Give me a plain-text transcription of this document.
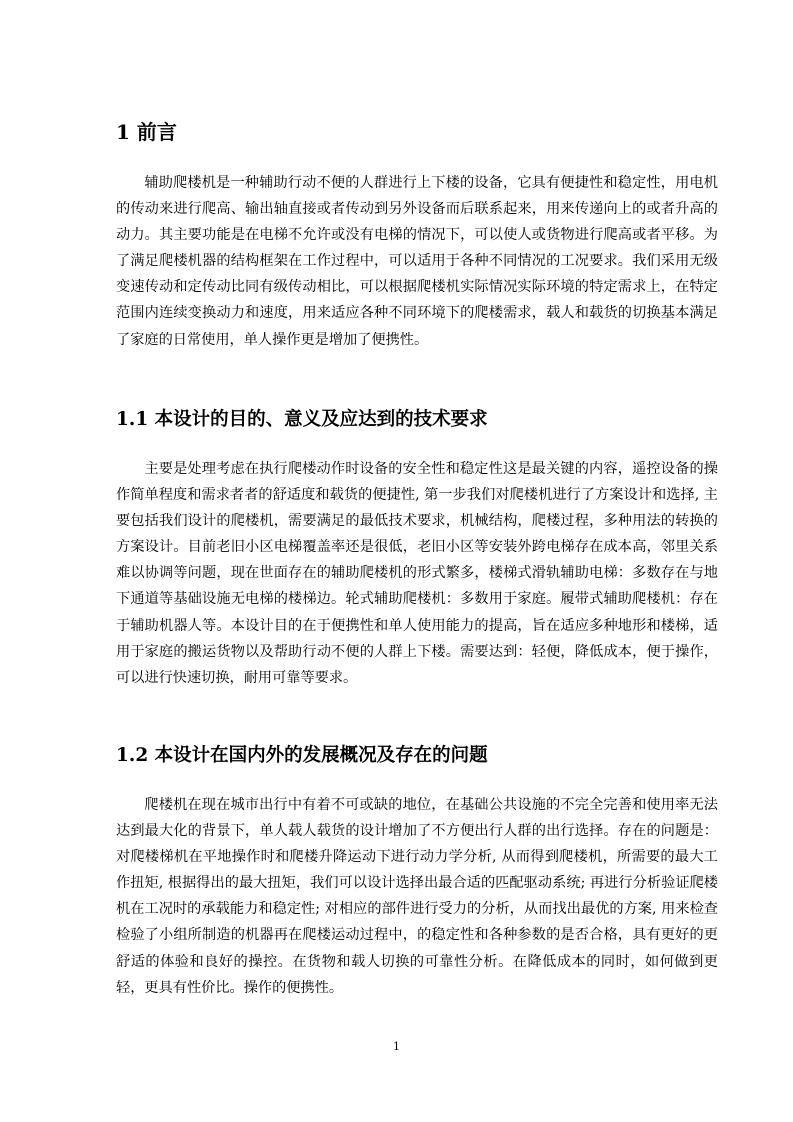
1 前言

辅助爬楼机是一种辅助行动不便的人群进行上下楼的设备，它具有便捷性和稳定性，用电机的传动来进行爬高、输出轴直接或者传动到另外设备而后联系起来，用来传递向上的或者升高的动力。其主要功能是在电梯不允许或没有电梯的情况下，可以使人或货物进行爬高或者平移。为了满足爬楼机器的结构框架在工作过程中，可以适用于各种不同情况的工况要求。我们采用无级变速传动和定传动比同有级传动相比，可以根据爬楼机实际情况实际环境的特定需求上，在特定范围内连续变换动力和速度，用来适应各种不同环境下的爬楼需求，载人和载货的切换基本满足了家庭的日常使用，单人操作更是增加了便携性。

1.1 本设计的目的、意义及应达到的技术要求

主要是处理考虑在执行爬楼动作时设备的安全性和稳定性这是最关键的内容，遥控设备的操作简单程度和需求者者的舒适度和载货的便捷性, 第一步我们对爬楼机进行了方案设计和选择, 主要包括我们设计的爬楼机，需要满足的最低技术要求，机械结构，爬楼过程，多种用法的转换的方案设计。目前老旧小区电梯覆盖率还是很低，老旧小区等安装外跨电梯存在成本高，邻里关系难以协调等问题，现在世面存在的辅助爬楼机的形式繁多，楼梯式滑轨辅助电梯：多数存在与地下通道等基础设施无电梯的楼梯边。轮式辅助爬楼机：多数用于家庭。履带式辅助爬楼机：存在于辅助机器人等。本设计目的在于便携性和单人使用能力的提高，旨在适应多种地形和楼梯，适用于家庭的搬运货物以及帮助行动不便的人群上下楼。需要达到：轻便，降低成本，便于操作，可以进行快速切换，耐用可靠等要求。

1.2 本设计在国内外的发展概况及存在的问题

爬楼机在现在城市出行中有着不可或缺的地位，在基础公共设施的不完全完善和使用率无法达到最大化的背景下，单人载人载货的设计增加了不方便出行人群的出行选择。存在的问题是：对爬楼梯机在平地操作时和爬楼升降运动下进行动力学分析, 从而得到爬楼机，所需要的最大工作扭矩, 根据得出的最大扭矩，我们可以设计选择出最合适的匹配驱动系统; 再进行分析验证爬楼机在工况时的承载能力和稳定性; 对相应的部件进行受力的分析，从而找出最优的方案, 用来检查检验了小组所制造的机器再在爬楼运动过程中，的稳定性和各种参数的是否合格，具有更好的更舒适的体验和良好的操控。在货物和载人切换的可靠性分析。在降低成本的同时，如何做到更轻，更具有性价比。操作的便携性。

1
